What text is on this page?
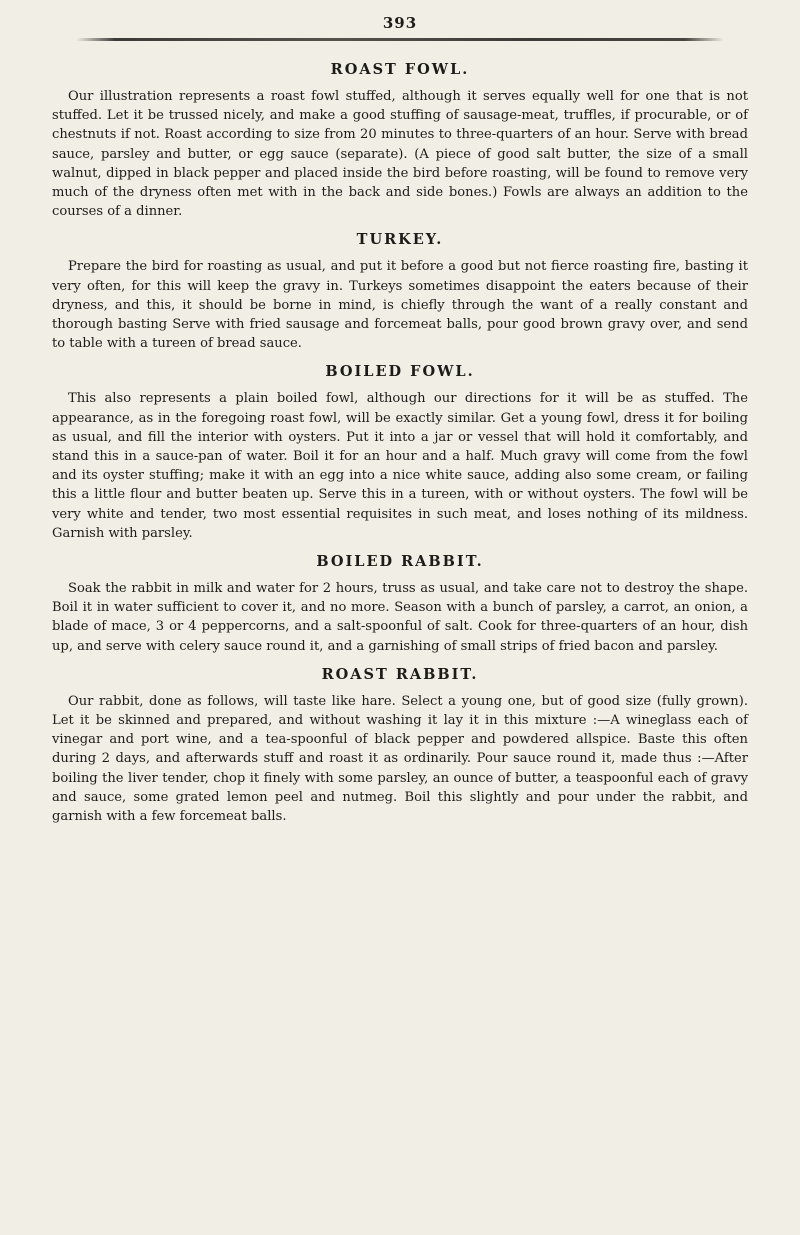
393
ROAST FOWL.

Our illustration represents a roast fowl stuffed, although it serves equally well for one that is not stuffed. Let it be trussed nicely, and make a good stuffing of sausage-meat, truffles, if procurable, or of chestnuts if not. Roast according to size from 20 minutes to three-quarters of an hour. Serve with bread sauce, parsley and butter, or egg sauce (separate). (A piece of good salt butter, the size of a small walnut, dipped in black pepper and placed inside the bird before roasting, will be found to remove very much of the dryness often met with in the back and side bones.) Fowls are always an addition to the courses of a dinner.

TURKEY.

Prepare the bird for roasting as usual, and put it before a good but not fierce roasting fire, basting it very often, for this will keep the gravy in. Turkeys sometimes disappoint the eaters because of their dryness, and this, it should be borne in mind, is chiefly through the want of a really constant and thorough basting Serve with fried sausage and forcemeat balls, pour good brown gravy over, and send to table with a tureen of bread sauce.

BOILED FOWL.

This also represents a plain boiled fowl, although our directions for it will be as stuffed. The appearance, as in the foregoing roast fowl, will be exactly similar. Get a young fowl, dress it for boiling as usual, and fill the interior with oysters. Put it into a jar or vessel that will hold it comfortably, and stand this in a sauce-pan of water. Boil it for an hour and a half. Much gravy will come from the fowl and its oyster stuffing; make it with an egg into a nice white sauce, adding also some cream, or failing this a little flour and butter beaten up. Serve this in a tureen, with or without oysters. The fowl will be very white and tender, two most essential requisites in such meat, and loses nothing of its mildness. Garnish with parsley.

BOILED RABBIT.

Soak the rabbit in milk and water for 2 hours, truss as usual, and take care not to destroy the shape. Boil it in water sufficient to cover it, and no more. Season with a bunch of parsley, a carrot, an onion, a blade of mace, 3 or 4 peppercorns, and a salt-spoonful of salt. Cook for three-quarters of an hour, dish up, and serve with celery sauce round it, and a garnishing of small strips of fried bacon and parsley.

ROAST RABBIT.

Our rabbit, done as follows, will taste like hare. Select a young one, but of good size (fully grown). Let it be skinned and prepared, and without washing it lay it in this mixture :—A wineglass each of vinegar and port wine, and a tea-spoonful of black pepper and powdered allspice. Baste this often during 2 days, and afterwards stuff and roast it as ordinarily. Pour sauce round it, made thus :—After boiling the liver tender, chop it finely with some parsley, an ounce of butter, a teaspoonful each of gravy and sauce, some grated lemon peel and nutmeg. Boil this slightly and pour under the rabbit, and garnish with a few forcemeat balls.
